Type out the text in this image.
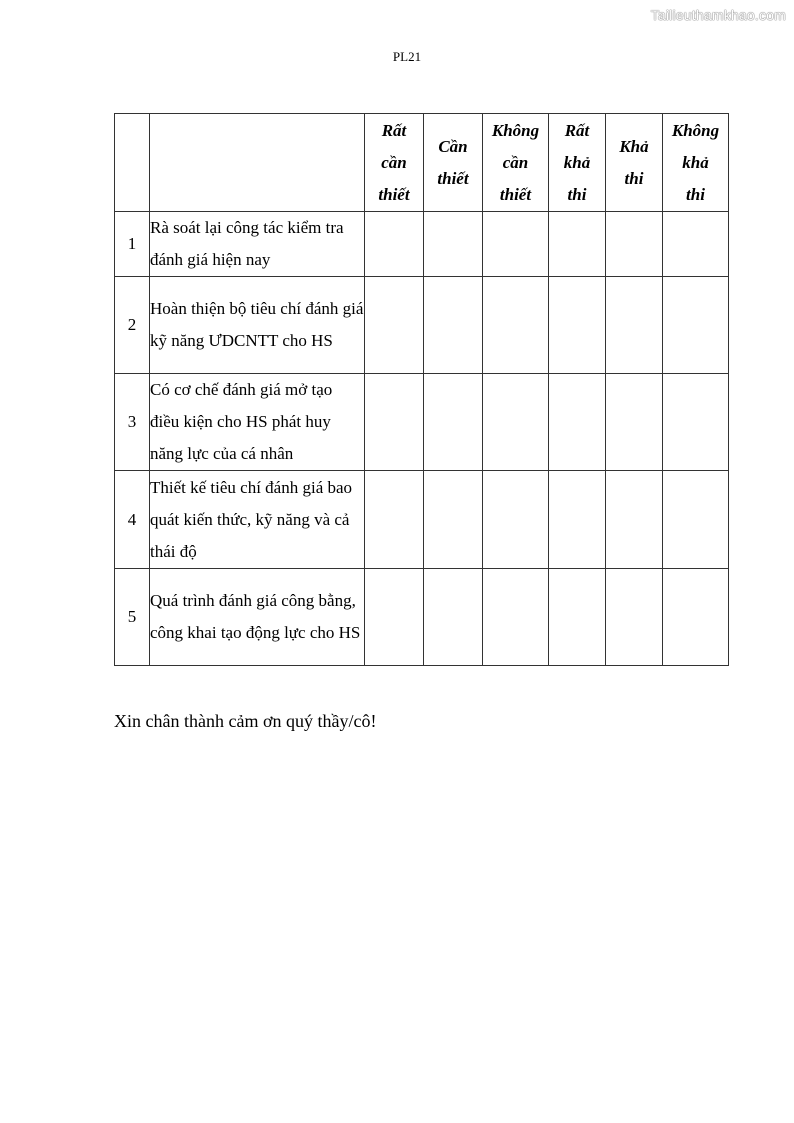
Tailieuthamkhao.com
PL21

		Rất
cần
thiết	Cần
thiết	Không
cần
thiết	Rất
khả
thi	Khả
thi	Không
khả
thi

1	Rà soát lại công tác kiểm tra đánh giá hiện nay						

2	Hoàn thiện bộ tiêu chí đánh giá kỹ năng ƯDCNTT cho HS						

3	Có cơ chế đánh giá mở tạo điều kiện cho HS phát huy năng lực của cá nhân						

4	Thiết kế tiêu chí đánh giá bao quát kiến thức, kỹ năng và cả thái độ						

5	Quá trình đánh giá công bằng, công khai tạo động lực cho HS						

Xin chân thành cảm ơn quý thầy/cô!
